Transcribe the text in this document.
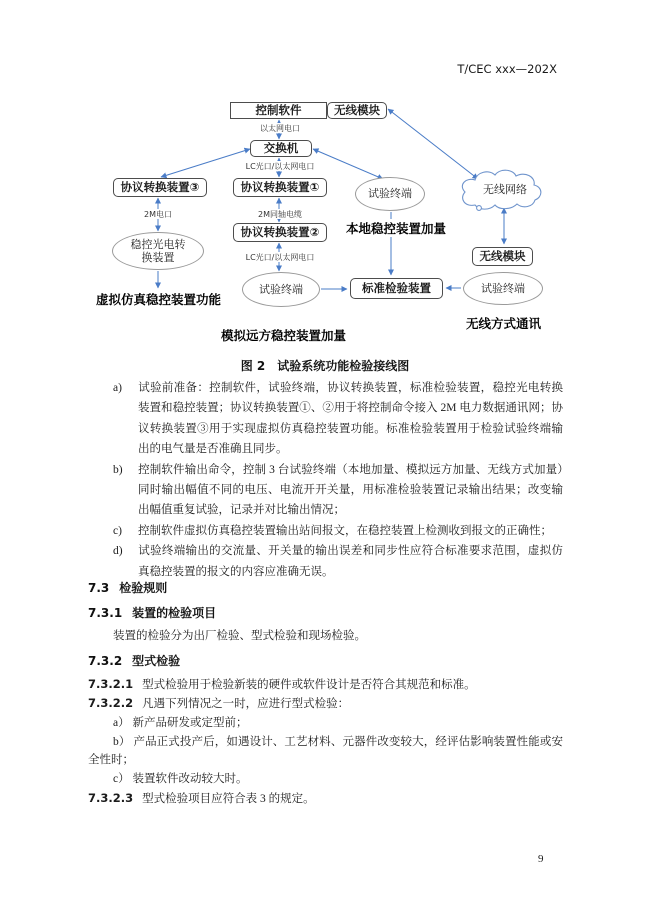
T/CEC xxx—202X
控制软件	无线模块
交换机
协议转换装置③	协议转换装置①
协议转换装置②
标准检验装置
无线模块
稳控光电转换装置
试验终端
试验终端	试验终端
无线网络
以太网电口
LC光口/以太网电口
2M电口	2M同轴电缆
LC光口/以太网电口
虚拟仿真稳控装置功能
本地稳控装置加量
模拟远方稳控装置加量
无线方式通讯
图 2　试验系统功能检验接线图

a) 试验前准备：控制软件，试验终端，协议转换装置，标准检验装置，稳控光电转换装置和稳控装置；协议转换装置①、②用于将控制命令接入 2M 电力数据通讯网；协议转换装置③用于实现虚拟仿真稳控装置功能。标准检验装置用于检验试验终端输出的电气量是否准确且同步。

b) 控制软件输出命令，控制 3 台试验终端（本地加量、模拟远方加量、无线方式加量）同时输出幅值不同的电压、电流开开关量，用标准检验装置记录输出结果；改变输出幅值重复试验，记录并对比输出情况；

c) 控制软件虚拟仿真稳控装置输出站间报文，在稳控装置上检测收到报文的正确性；

d) 试验终端输出的交流量、开关量的输出误差和同步性应符合标准要求范围，虚拟仿真稳控装置的报文的内容应准确无误。

7.3 检验规则
7.3.1 装置的检验项目

装置的检验分为出厂检验、型式检验和现场检验。

7.3.2 型式检验

7.3.2.1 型式检验用于检验新装的硬件或软件设计是否符合其规范和标准。

7.3.2.2 凡遇下列情况之一时，应进行型式检验：

a） 新产品研发或定型前；

b） 产品正式投产后，如遇设计、工艺材料、元器件改变较大，经评估影响装置性能或安全性时；

c） 装置软件改动较大时。

7.3.2.3 型式检验项目应符合表 3 的规定。

9
